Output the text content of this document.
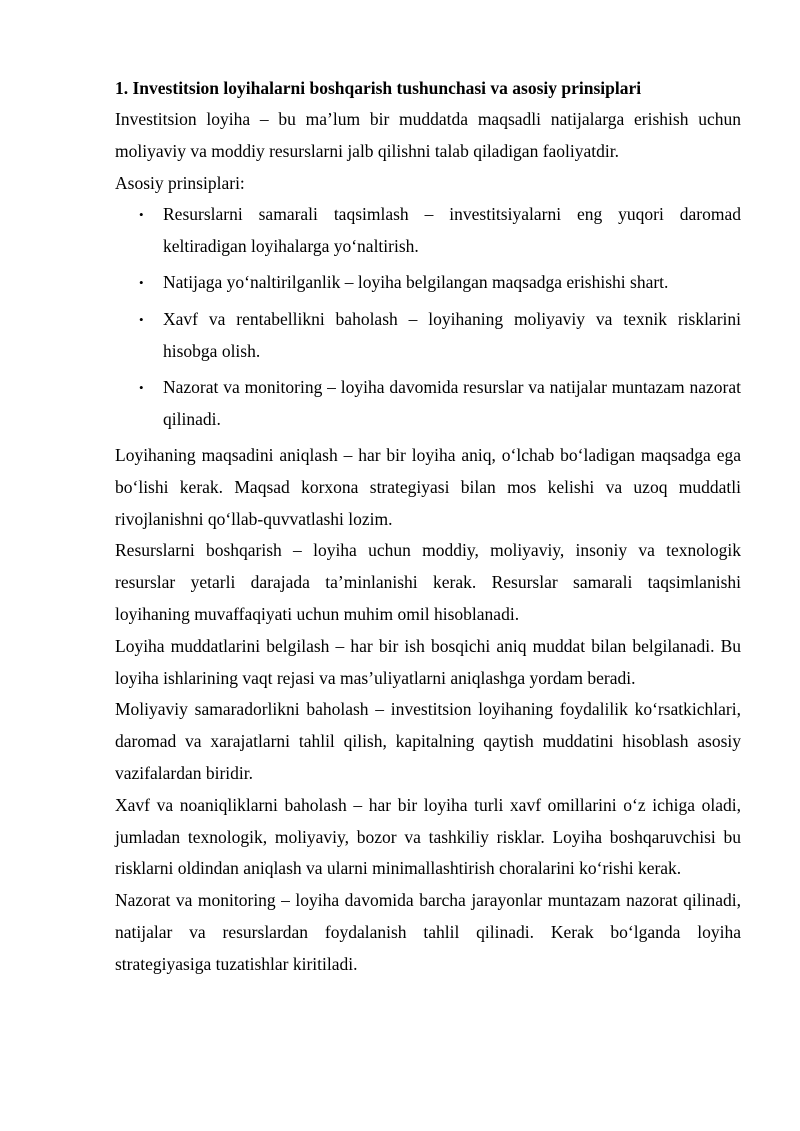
1. Investitsion loyihalarni boshqarish tushunchasi va asosiy prinsiplari

Investitsion loyiha – bu ma’lum bir muddatda maqsadli natijalarga erishish uchun moliyaviy va moddiy resurslarni jalb qilishni talab qiladigan faoliyatdir.

Asosiy prinsiplari:

• Resurslarni samarali taqsimlash – investitsiyalarni eng yuqori daromad keltiradigan loyihalarga yo‘naltirish.
• Natijaga yo‘naltirilganlik – loyiha belgilangan maqsadga erishishi shart.
• Xavf va rentabellikni baholash – loyihaning moliyaviy va texnik risklarini hisobga olish.
• Nazorat va monitoring – loyiha davomida resurslar va natijalar muntazam nazorat qilinadi.

Loyihaning maqsadini aniqlash – har bir loyiha aniq, o‘lchab bo‘ladigan maqsadga ega bo‘lishi kerak. Maqsad korxona strategiyasi bilan mos kelishi va uzoq muddatli rivojlanishni qo‘llab-quvvatlashi lozim.

Resurslarni boshqarish – loyiha uchun moddiy, moliyaviy, insoniy va texnologik resurslar yetarli darajada ta’minlanishi kerak. Resurslar samarali taqsimlanishi loyihaning muvaffaqiyati uchun muhim omil hisoblanadi.

Loyiha muddatlarini belgilash – har bir ish bosqichi aniq muddat bilan belgilanadi. Bu loyiha ishlarining vaqt rejasi va mas’uliyatlarni aniqlashga yordam beradi.

Moliyaviy samaradorlikni baholash – investitsion loyihaning foydalilik ko‘rsatkichlari, daromad va xarajatlarni tahlil qilish, kapitalning qaytish muddatini hisoblash asosiy vazifalardan biridir.

Xavf va noaniqliklarni baholash – har bir loyiha turli xavf omillarini o‘z ichiga oladi, jumladan texnologik, moliyaviy, bozor va tashkiliy risklar. Loyiha boshqaruvchisi bu risklarni oldindan aniqlash va ularni minimallashtirish choralarini ko‘rishi kerak.

Nazorat va monitoring – loyiha davomida barcha jarayonlar muntazam nazorat qilinadi, natijalar va resurslardan foydalanish tahlil qilinadi. Kerak bo‘lganda loyiha strategiyasiga tuzatishlar kiritiladi.
